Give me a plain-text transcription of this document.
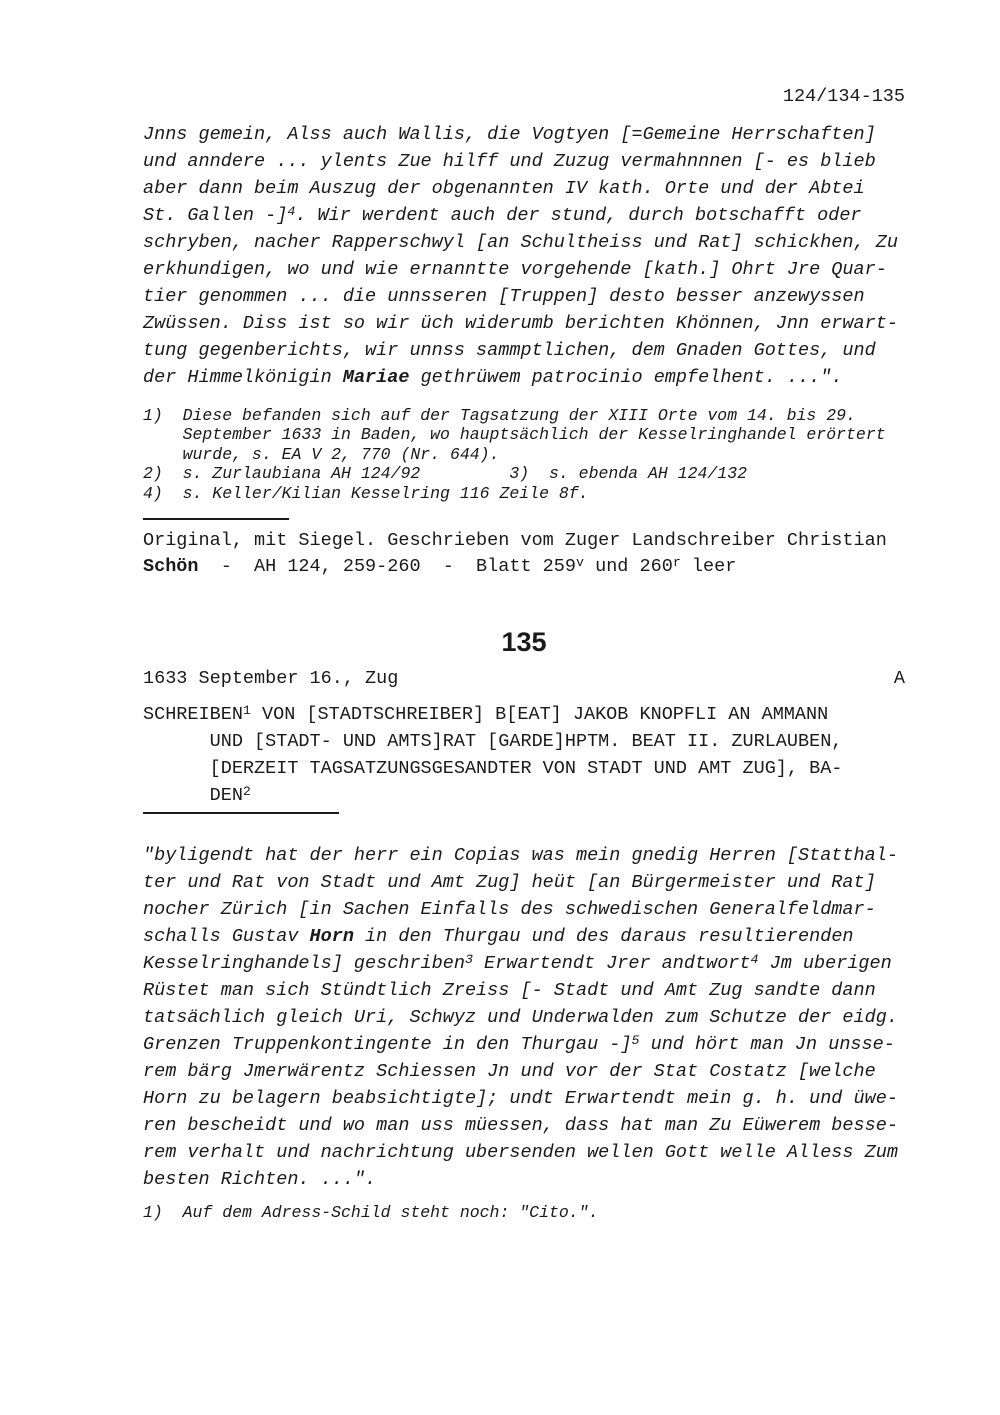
124/134-135
Jnns gemein, Alss auch Wallis, die Vogtyen [=Gemeine Herrschaften]
und anndere ... ylents Zue hilff und Zuzug vermahnnnen [- es blieb
aber dann beim Auszug der obgenannten IV kath. Orte und der Abtei
St. Gallen -]$^4$. Wir werdent auch der stund, durch botschafft oder
schryben, nacher Rapperschwyl [an Schultheiss und Rat] schickhen, Zu
erkhundigen, wo und wie ernanntte vorgehende [kath.] Ohrt Jre Quar-
tier genommen ... die unnsseren [Truppen] desto besser anzewyssen
Zwüssen. Diss ist so wir üch widerumb berichten Khönnen, Jnn erwart-
tung gegenberichts, wir unnss sammptlichen, dem Gnaden Gottes, und
der Himmelkönigin Mariae gethrüwem patrocinio empfelhent. ...".
1)  Diese befanden sich auf der Tagsatzung der XIII Orte vom 14. bis 29.
September 1633 in Baden, wo hauptsächlich der Kesselringhandel erörtert
wurde, s. EA V 2, 770 (Nr. 644).
2)  s. Zurlaubiana AH 124/92         3)  s. ebenda AH 124/132
4)  s. Keller/Kilian Kesselring 116 Zeile 8f.
Original, mit Siegel. Geschrieben vom Zuger Landschreiber Christian
Schön  -  AH 124, 259-260  -  Blatt 259$^v$ und 260$^r$ leer
135
1633 September 16., Zug	A
SCHREIBEN$^1$ VON [STADTSCHREIBER] B[EAT] JAKOB KNOPFLI AN AMMANN
UND [STADT- UND AMTS]RAT [GARDE]HPTM. BEAT II. ZURLAUBEN,
[DERZEIT TAGSATZUNGSGESANDTER VON STADT UND AMT ZUG], BA-
DEN$^2$
"byligendt hat der herr ein Copias was mein gnedig Herren [Statthal-
ter und Rat von Stadt und Amt Zug] heüt [an Bürgermeister und Rat]
nocher Zürich [in Sachen Einfalls des schwedischen Generalfeldmar-
schalls Gustav Horn in den Thurgau und des daraus resultierenden
Kesselringhandels] geschriben$^3$ Erwartendt Jrer andtwort$^4$ Jm uberigen
Rüstet man sich Stündtlich Zreiss [- Stadt und Amt Zug sandte dann
tatsächlich gleich Uri, Schwyz und Underwalden zum Schutze der eidg.
Grenzen Truppenkontingente in den Thurgau -]$^5$ und hört man Jn unsse-
rem bärg Jmerwärentz Schiessen Jn und vor der Stat Costatz [welche
Horn zu belagern beabsichtigte]; undt Erwartendt mein g. h. und üwe-
ren bescheidt und wo man uss müessen, dass hat man Zu Eüwerem besse-
rem verhalt und nachrichtung ubersenden wellen Gott welle Alless Zum
besten Richten. ...".
1)  Auf dem Adress-Schild steht noch: "Cito.".
